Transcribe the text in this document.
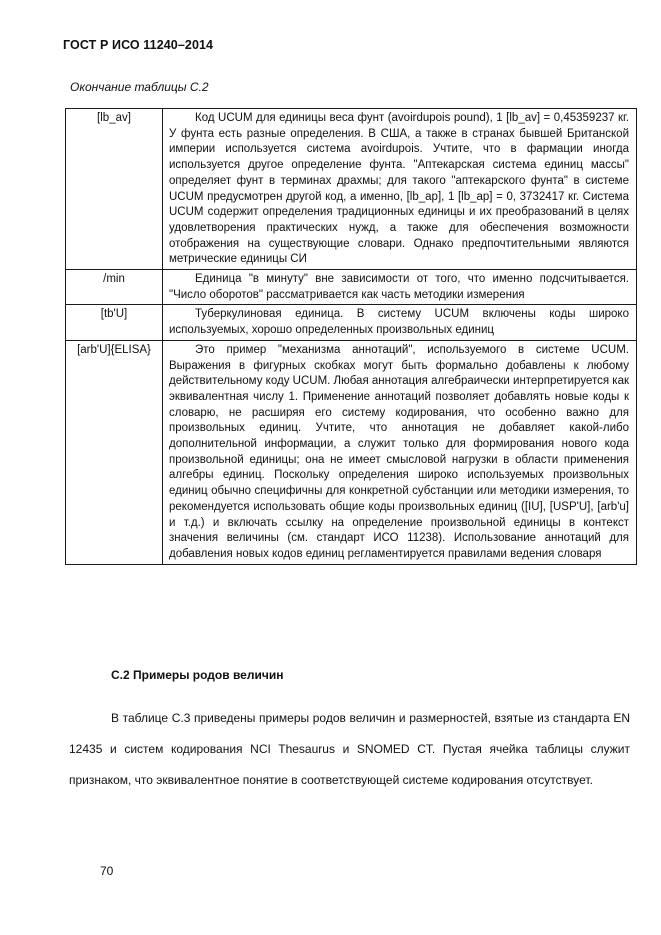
ГОСТ Р ИСО 11240–2014
Окончание таблицы С.2
[lb_av]	Код UCUM для единицы веса фунт (avoirdupois pound), 1 [lb_av] = 0,45359237 кг. У фунта есть разные определения. В США, а также в странах бывшей Британской империи используется система avoirdupois. Учтите, что в фармации иногда используется другое определение фунта. "Аптекарская система единиц массы" определяет фунт в терминах драхмы; для такого "аптекарского фунта" в системе UCUM предусмотрен другой код, а именно, [lb_ap], 1 [lb_ap] = 0, 3732417 кг. Система UCUM содержит определения традиционных единицы и их преобразований в целях удовлетворения практических нужд, а также для обеспечения возможности отображения на существующие словари. Однако предпочтительными являются метрические единицы СИ
/min	Единица "в минуту" вне зависимости от того, что именно подсчитывается. "Число оборотов" рассматривается как часть методики измерения
[tb'U]	Туберкулиновая единица. В систему UCUM включены коды широко используемых, хорошо определенных произвольных единиц
[arb'U]{ELISA}	Это пример "механизма аннотаций", используемого в системе UCUM. Выражения в фигурных скобках могут быть формально добавлены к любому действительному коду UCUM. Любая аннотация алгебраически интерпретируется как эквивалентная числу 1. Применение аннотаций позволяет добавлять новые коды к словарю, не расширяя его систему кодирования, что особенно важно для произвольных единиц. Учтите, что аннотация не добавляет какой-либо дополнительной информации, а служит только для формирования нового кода произвольной единицы; она не имеет смысловой нагрузки в области применения алгебры единиц. Поскольку определения широко используемых произвольных единиц обычно специфичны для конкретной субстанции или методики измерения, то рекомендуется использовать общие коды произвольных единиц ([IU], [USP'U], [arb'u] и т.д.) и включать ссылку на определение произвольной единицы в контекст значения величины (см. стандарт ИСО 11238). Использование аннотаций для добавления новых кодов единиц регламентируется правилами ведения словаря
С.2 Примеры родов величин

В таблице С.3 приведены примеры родов величин и размерностей, взятые из стандарта EN 12435 и систем кодирования NCI Thesaurus и SNOMED CT. Пустая ячейка таблицы служит признаком, что эквивалентное понятие в соответствующей системе кодирования отсутствует.

70
